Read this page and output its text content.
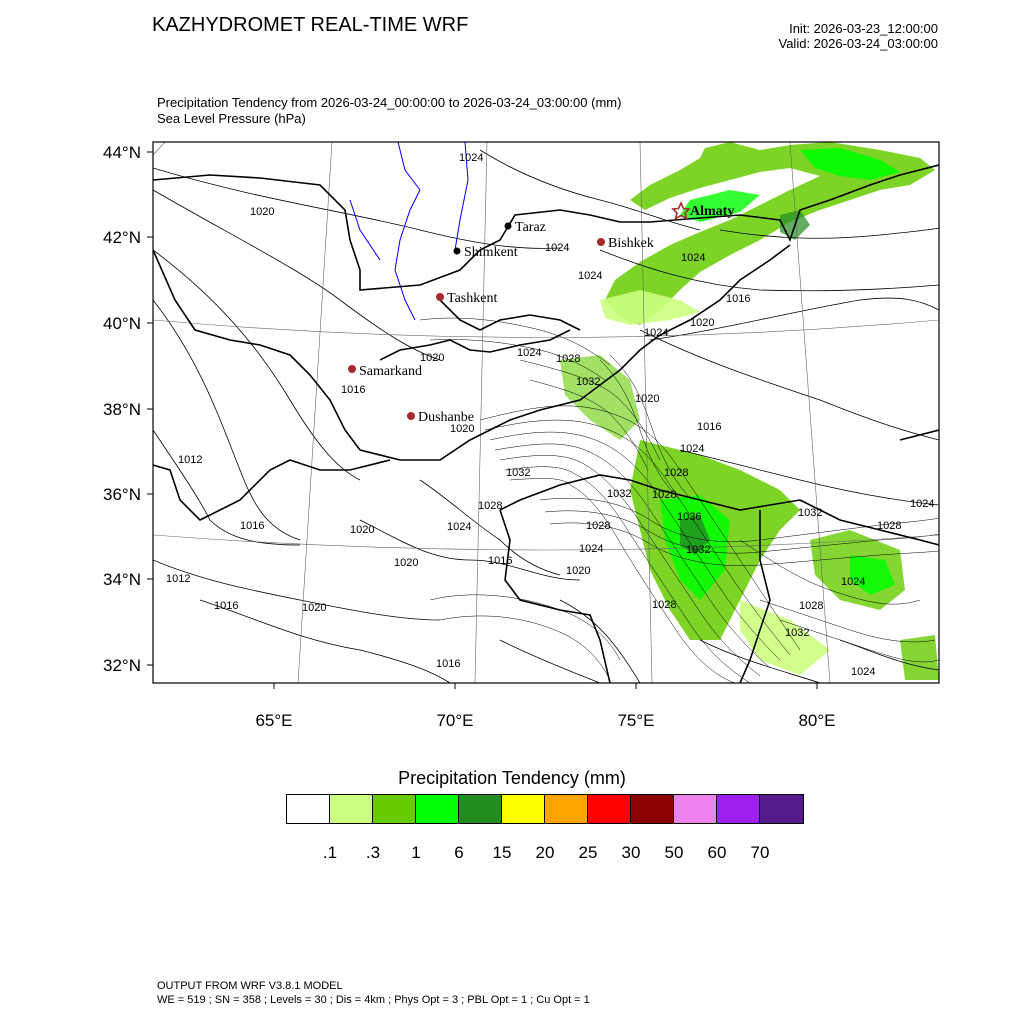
KAZHYDROMET REAL-TIME WRF	Init: 2026-03-23_12:00:00
Valid: 2026-03-24_03:00:00
Precipitation Tendency from 2026-03-24_00:00:00 to 2026-03-24_03:00:00 (mm)
Sea Level Pressure (hPa)
44°N
42°N
40°N
38°N
36°N
34°N
32°N
65°E	70°E	75°E	80°E
1024
1020
1024
1024
1024
1016
1020
1024
1020	1024 1028
1032
1016
1020
1016
1020
1012
1032	1028
1016	1020	1024
1028
1032
1028
1024
1020	1016
1020
1028
1024
1036
1032
1028
1024
1012
1016	1020
1028
1024
1032
1028
1016
1032
1024
Almaty
Bishkek
Taraz
Shimkent
Tashkent
Samarkand
Dushanbe
Precipitation Tendency (mm)
.1 .3 1 6 15 20 25 30 50 60 70
OUTPUT FROM WRF V3.8.1 MODEL
WE = 519 ; SN = 358 ; Levels = 30 ; Dis = 4km ; Phys Opt = 3 ; PBL Opt = 1 ; Cu Opt = 1
